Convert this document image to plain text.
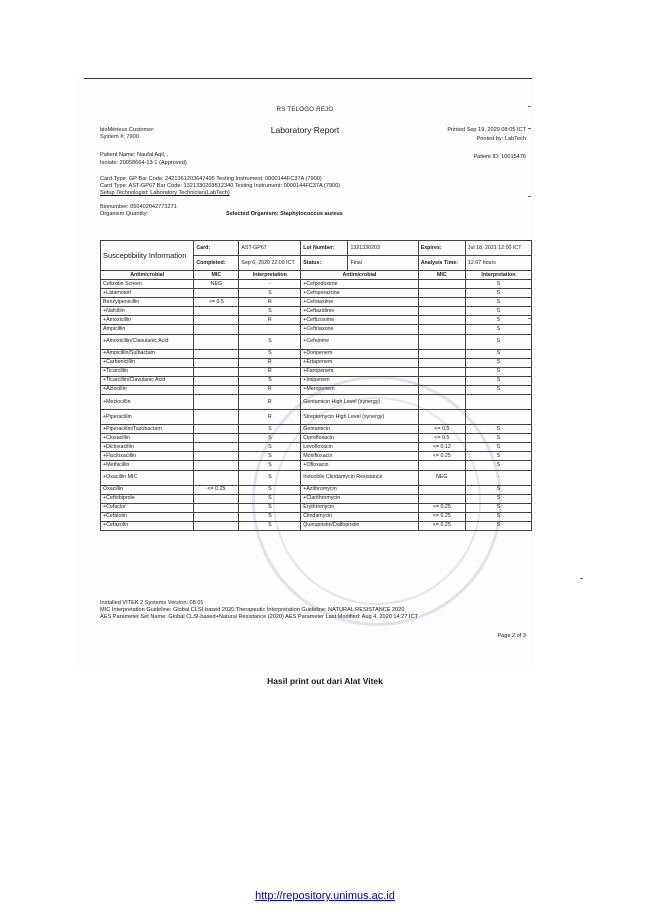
RS TELOGO REJO
Laboratory Report
bioMérieux Customer:
System #: 7900
Printed Sep 19, 2020 08:05 ICT
Printed by: LabTech
Patient Name: Naufal Aqil, ,
Isolate: 20058664-13-1 (Approved)
Patient ID: 10015476
Card Type: GP Bar Code: 2421361203647495 Testing Instrument: 0000144FC37A (7900)
Card Type: AST-GP67 Bar Code: 1321330203512340 Testing Instrument: 0000144FC37A (7900)
Setup Technologist: Laboratory Technician(LabTech)
Bionumber: 050402042773271
Organism Quantity:	Selected Organism: Staphylococcus aureus
Installed VITEK 2 Systems Version: 08.01
MIC Interpretation Guideline: Global CLSI-based 2020 Therapeutic Interpretation Guideline: NATURAL RESISTANCE 2020
AES Parameter Set Name: Global CLSI-based+Natural Resistance (2020) AES Parameter Last Modified: Aug 4, 2020 14:27 ICT
Page 2 of 3
Susceptibility Information	Card:	AST-GP67	Lot Number:	1321330203	Expires:	Jul 18, 2021 12:00 ICT
	Completed:	Sep 6, 2020 22:09 ICT	Status:	Final	Analysis Time:	12.67 hours
Antimicrobial	MIC	Interpretation	Antimicrobial		MIC	Interpretation
Cefoxitin Screen	NEG	-	+Cefpodoxime			S
+Latamoxef		S	+Cefoperazone			S
Benzylpenicillin	>= 0.5	R	+Cefotaxime			S
+Nafcillin		S	+Ceftazidime			S
+Amoxicillin		R	+Ceftizoxime			S
Ampicillin			+Ceftriaxone			S
+Amoxicillin/Clavulanic Acid		S	+Cefepime			S
+Ampicillin/Sulbactam		S	+Doripenem			S
+Carbenicillin		R	+Ertapenem			S
+Ticarcillin		R	+Faropenem			S
+Ticarcillin/Clavulanic Acid		S	+Imipenem			S
+Azlocillin		R	+Meropenem			S
+Mezlocillin		R	Gentamicin High Level (synergy)			
+Piperacillin		R	Streptomycin High Level (synergy)			
+Piperacillin/Tazobactam		S	Gentamicin		<= 0.5	S
+Cloxacillin		S	Ciprofloxacin		<= 0.5	S
+Dicloxacillin		S	Levofloxacin		<= 0.12	S
+Flucloxacillin		S	Moxifloxacin		<= 0.25	S
+Methicillin		S	+Ofloxacin			S
+Oxacillin MIC		S	Inducible Clindamycin Resistance		NEG	-
Oxacillin	<= 0.25	S	+Azithromycin			S
+Ceftobiprole		S	+Clarithromycin			S
+Cefaclor		S	Erythromycin		<= 0.25	S
+Cefalotin		S	Clindamycin		<= 0.25	S
+Cefazolin		S	Quinupristin/Dalfopristin		<= 0.25	S
Hasil print out dari Alat Vitek
http://repository.unimus.ac.id
